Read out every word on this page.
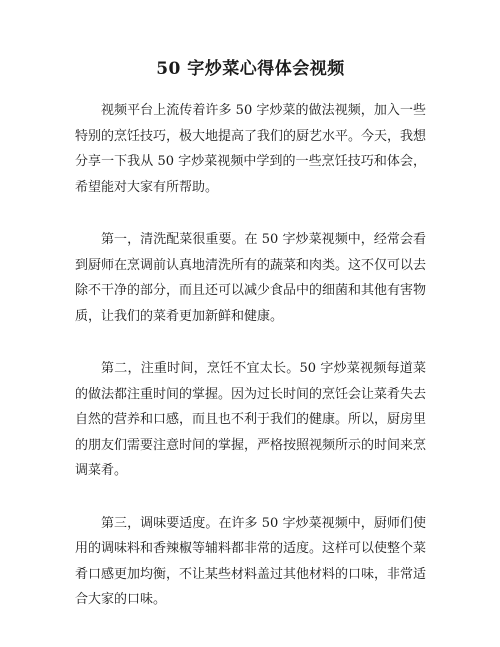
50 字炒菜心得体会视频

视频平台上流传着许多 50 字炒菜的做法视频，加入一些特别的烹饪技巧，极大地提高了我们的厨艺水平。今天，我想分享一下我从 50 字炒菜视频中学到的一些烹饪技巧和体会，希望能对大家有所帮助。

第一，清洗配菜很重要。在 50 字炒菜视频中，经常会看到厨师在烹调前认真地清洗所有的蔬菜和肉类。这不仅可以去除不干净的部分，而且还可以减少食品中的细菌和其他有害物质，让我们的菜肴更加新鲜和健康。

第二，注重时间，烹饪不宜太长。50 字炒菜视频每道菜的做法都注重时间的掌握。因为过长时间的烹饪会让菜肴失去自然的营养和口感，而且也不利于我们的健康。所以，厨房里的朋友们需要注意时间的掌握，严格按照视频所示的时间来烹调菜肴。

第三，调味要适度。在许多 50 字炒菜视频中，厨师们使用的调味料和香辣椒等辅料都非常的适度。这样可以使整个菜肴口感更加均衡，不让某些材料盖过其他材料的口味，非常适合大家的口味。
